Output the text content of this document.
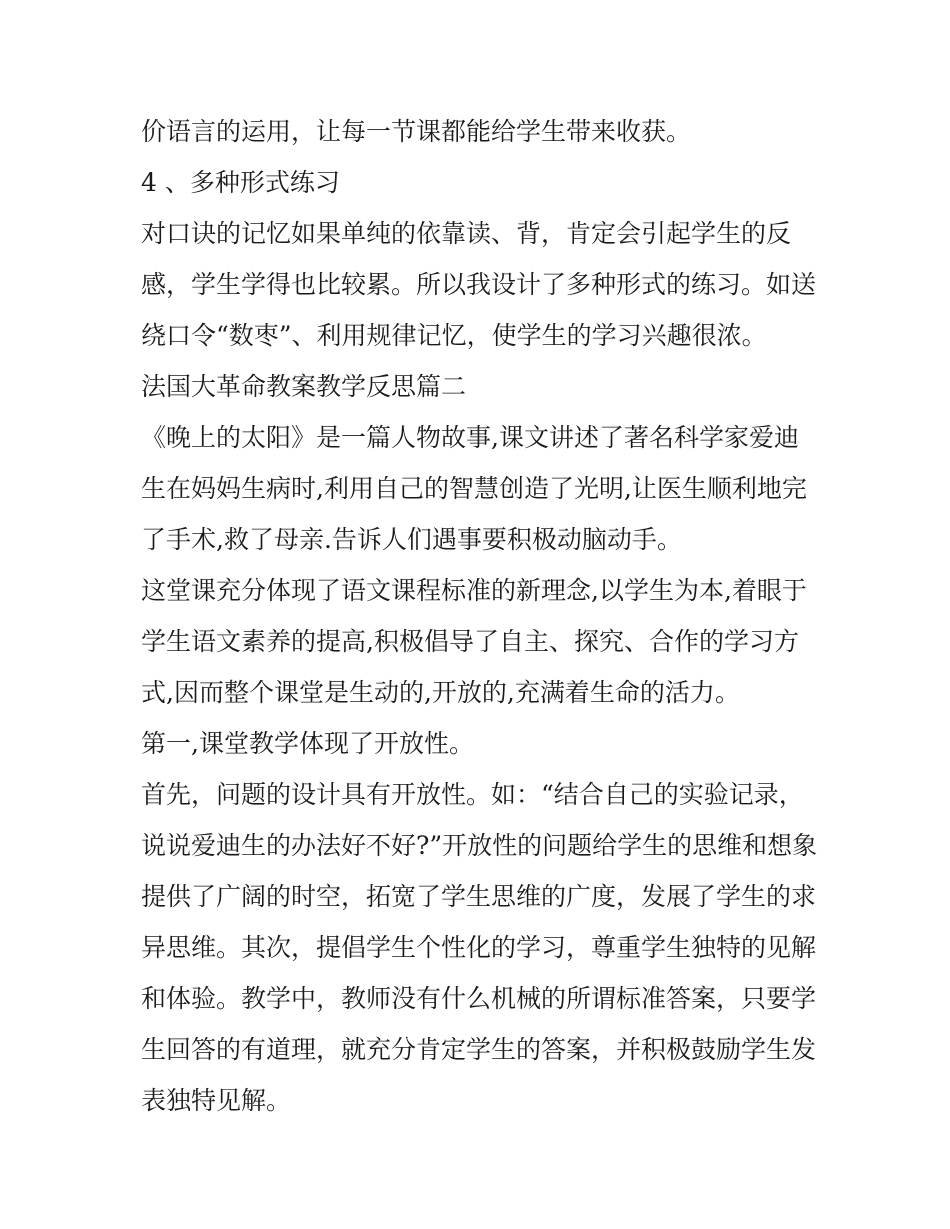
价语言的运用，让每一节课都能给学生带来收获。
4 、多种形式练习
对口诀的记忆如果单纯的依靠读、背，肯定会引起学生的反
感，学生学得也比较累。所以我设计了多种形式的练习。如送
绕口令“数枣”、利用规律记忆，使学生的学习兴趣很浓。
法国大革命教案教学反思篇二
《晚上的太阳》是一篇人物故事,课文讲述了著名科学家爱迪
生在妈妈生病时,利用自己的智慧创造了光明,让医生顺利地完
了手术,救了母亲.告诉人们遇事要积极动脑动手。
这堂课充分体现了语文课程标准的新理念,以学生为本,着眼于
学生语文素养的提高,积极倡导了自主、探究、合作的学习方
式,因而整个课堂是生动的,开放的,充满着生命的活力。
第一,课堂教学体现了开放性。
首先，问题的设计具有开放性。如：“结合自己的实验记录，
说说爱迪生的办法好不好?”开放性的问题给学生的思维和想象
提供了广阔的时空，拓宽了学生思维的广度，发展了学生的求
异思维。其次，提倡学生个性化的学习，尊重学生独特的见解
和体验。教学中，教师没有什么机械的所谓标准答案，只要学
生回答的有道理，就充分肯定学生的答案，并积极鼓励学生发
表独特见解。
